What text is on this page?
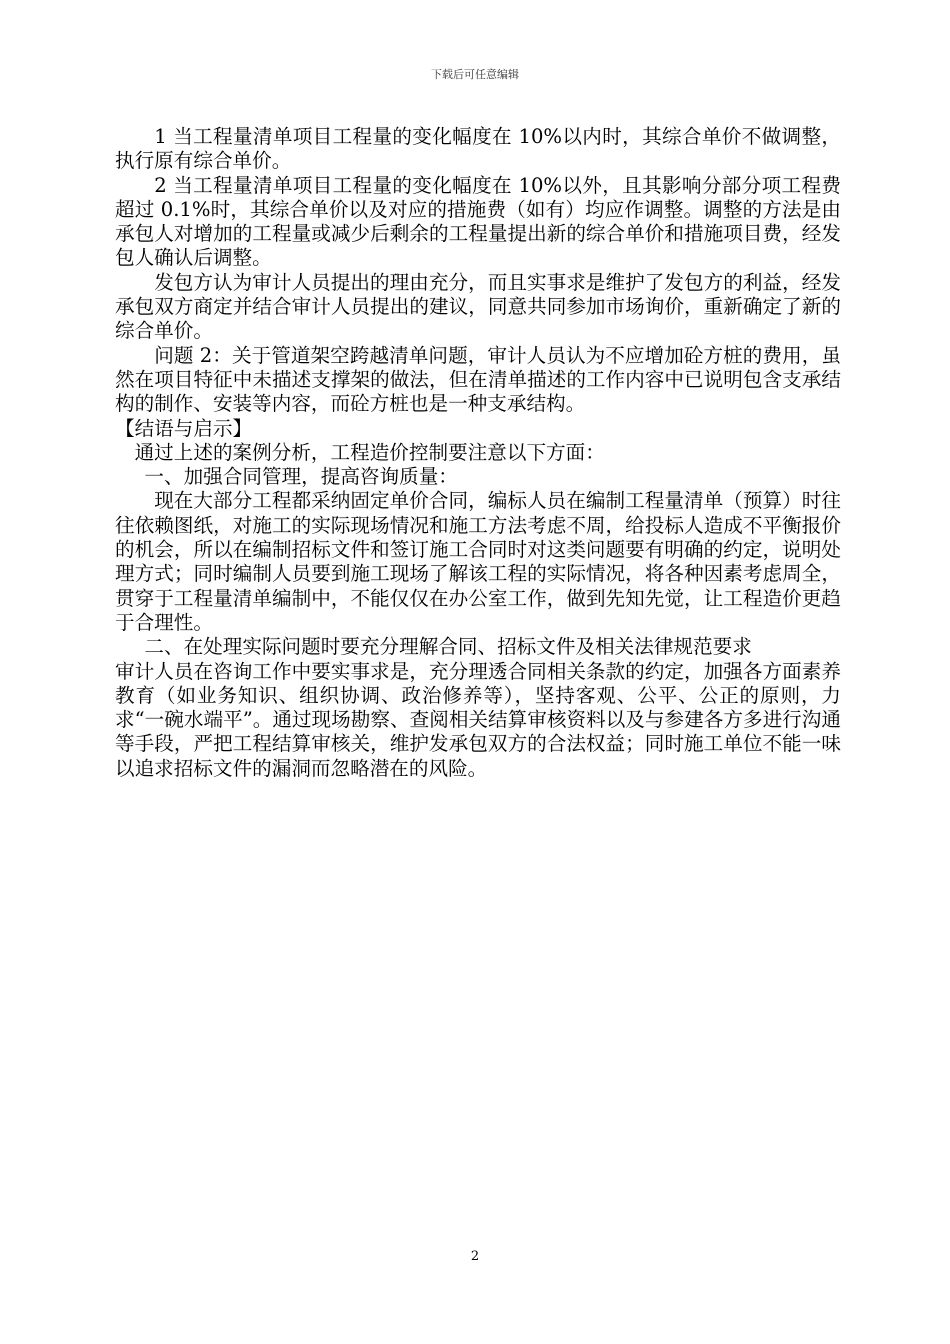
下载后可任意编辑

1 当工程量清单项目工程量的变化幅度在 10%以内时，其综合单价不做调整，执行原有综合单价。

2 当工程量清单项目工程量的变化幅度在 10%以外，且其影响分部分项工程费超过 0.1%时，其综合单价以及对应的措施费（如有）均应作调整。调整的方法是由承包人对增加的工程量或减少后剩余的工程量提出新的综合单价和措施项目费，经发包人确认后调整。

发包方认为审计人员提出的理由充分，而且实事求是维护了发包方的利益，经发承包双方商定并结合审计人员提出的建议，同意共同参加市场询价，重新确定了新的综合单价。

问题 2：关于管道架空跨越清单问题，审计人员认为不应增加砼方桩的费用，虽然在项目特征中未描述支撑架的做法，但在清单描述的工作内容中已说明包含支承结构的制作、安装等内容，而砼方桩也是一种支承结构。

【结语与启示】

通过上述的案例分析，工程造价控制要注意以下方面：

一、加强合同管理，提高咨询质量：

现在大部分工程都采纳固定单价合同，编标人员在编制工程量清单（预算）时往往依赖图纸，对施工的实际现场情况和施工方法考虑不周，给投标人造成不平衡报价的机会，所以在编制招标文件和签订施工合同时对这类问题要有明确的约定，说明处理方式；同时编制人员要到施工现场了解该工程的实际情况，将各种因素考虑周全，贯穿于工程量清单编制中，不能仅仅在办公室工作，做到先知先觉，让工程造价更趋于合理性。

二、在处理实际问题时要充分理解合同、招标文件及相关法律规范要求

审计人员在咨询工作中要实事求是，充分理透合同相关条款的约定，加强各方面素养教育（如业务知识、组织协调、政治修养等），坚持客观、公平、公正的原则，力求“一碗水端平”。通过现场勘察、查阅相关结算审核资料以及与参建各方多进行沟通等手段，严把工程结算审核关，维护发承包双方的合法权益；同时施工单位不能一味以追求招标文件的漏洞而忽略潜在的风险。

2
